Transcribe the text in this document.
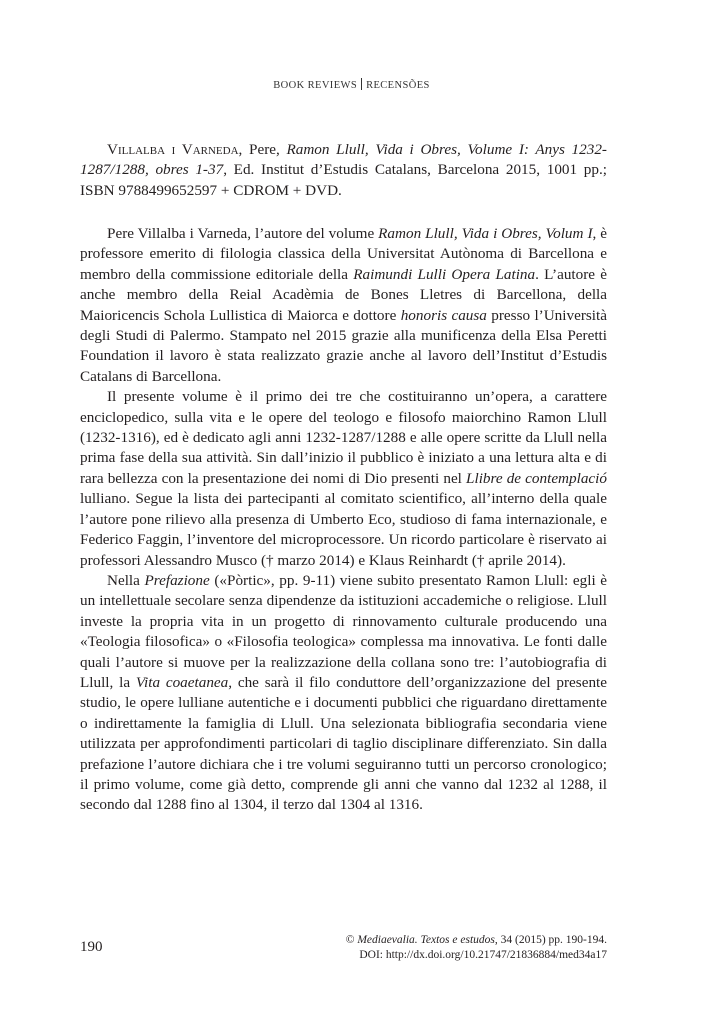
BOOK REVIEWS RECENSÕES
Villalba i Varneda, Pere, Ramon Llull, Vida i Obres, Volume I: Anys 1232-1287/1288, obres 1-37, Ed. Institut d’Estudis Catalans, Barcelona 2015, 1001 pp.; ISBN 9788499652597 + CDROM + DVD.

Pere Villalba i Varneda, l’autore del volume Ramon Llull, Vida i Obres, Volum I, è professore emerito di filologia classica della Universitat Autònoma di Barcellona e membro della commissione editoriale della Raimundi Lulli Opera Latina. L’autore è anche membro della Reial Acadèmia de Bones Lletres di Barcellona, della Maioricencis Schola Lullistica di Maiorca e dottore honoris causa presso l’Università degli Studi di Palermo. Stampato nel 2015 grazie alla munificenza della Elsa Peretti Foundation il lavoro è stata realizzato grazie anche al lavoro dell’Institut d’Estudis Catalans di Barcellona.

Il presente volume è il primo dei tre che costituiranno un’opera, a carattere enciclopedico, sulla vita e le opere del teologo e filosofo maiorchino Ramon Llull (1232-1316), ed è dedicato agli anni 1232-1287/1288 e alle opere scritte da Llull nella prima fase della sua attività. Sin dall’inizio il pubblico è iniziato a una lettura alta e di rara bellezza con la presentazione dei nomi di Dio presenti nel Llibre de contemplació lulliano. Segue la lista dei partecipanti al comitato scientifico, all’interno della quale l’autore pone rilievo alla presenza di Umberto Eco, studioso di fama internazionale, e Federico Faggin, l’inventore del microprocessore. Un ricordo particolare è riservato ai professori Alessandro Musco († marzo 2014) e Klaus Reinhardt († aprile 2014).

Nella Prefazione («Pòrtic», pp. 9-11) viene subito presentato Ramon Llull: egli è un intellettuale secolare senza dipendenze da istituzioni accademiche o religiose. Llull investe la propria vita in un progetto di rinnovamento culturale producendo una «Teologia filosofica» o «Filosofia teologica» complessa ma innovativa. Le fonti dalle quali l’autore si muove per la realizzazione della collana sono tre: l’autobiografia di Llull, la Vita coaetanea, che sarà il filo conduttore dell’organizzazione del presente studio, le opere lulliane autentiche e i documenti pubblici che riguardano direttamente o indirettamente la famiglia di Llull. Una selezionata bibliografia secondaria viene utilizzata per approfondimenti particolari di taglio disciplinare differenziato. Sin dalla prefazione l’autore dichiara che i tre volumi seguiranno tutti un percorso cronologico; il primo volume, come già detto, comprende gli anni che vanno dal 1232 al 1288, il secondo dal 1288 fino al 1304, il terzo dal 1304 al 1316.

190	© Mediaevalia. Textos e estudos, 34 (2015) pp. 190-194.
DOI: http://dx.doi.org/10.21747/21836884/med34a17
